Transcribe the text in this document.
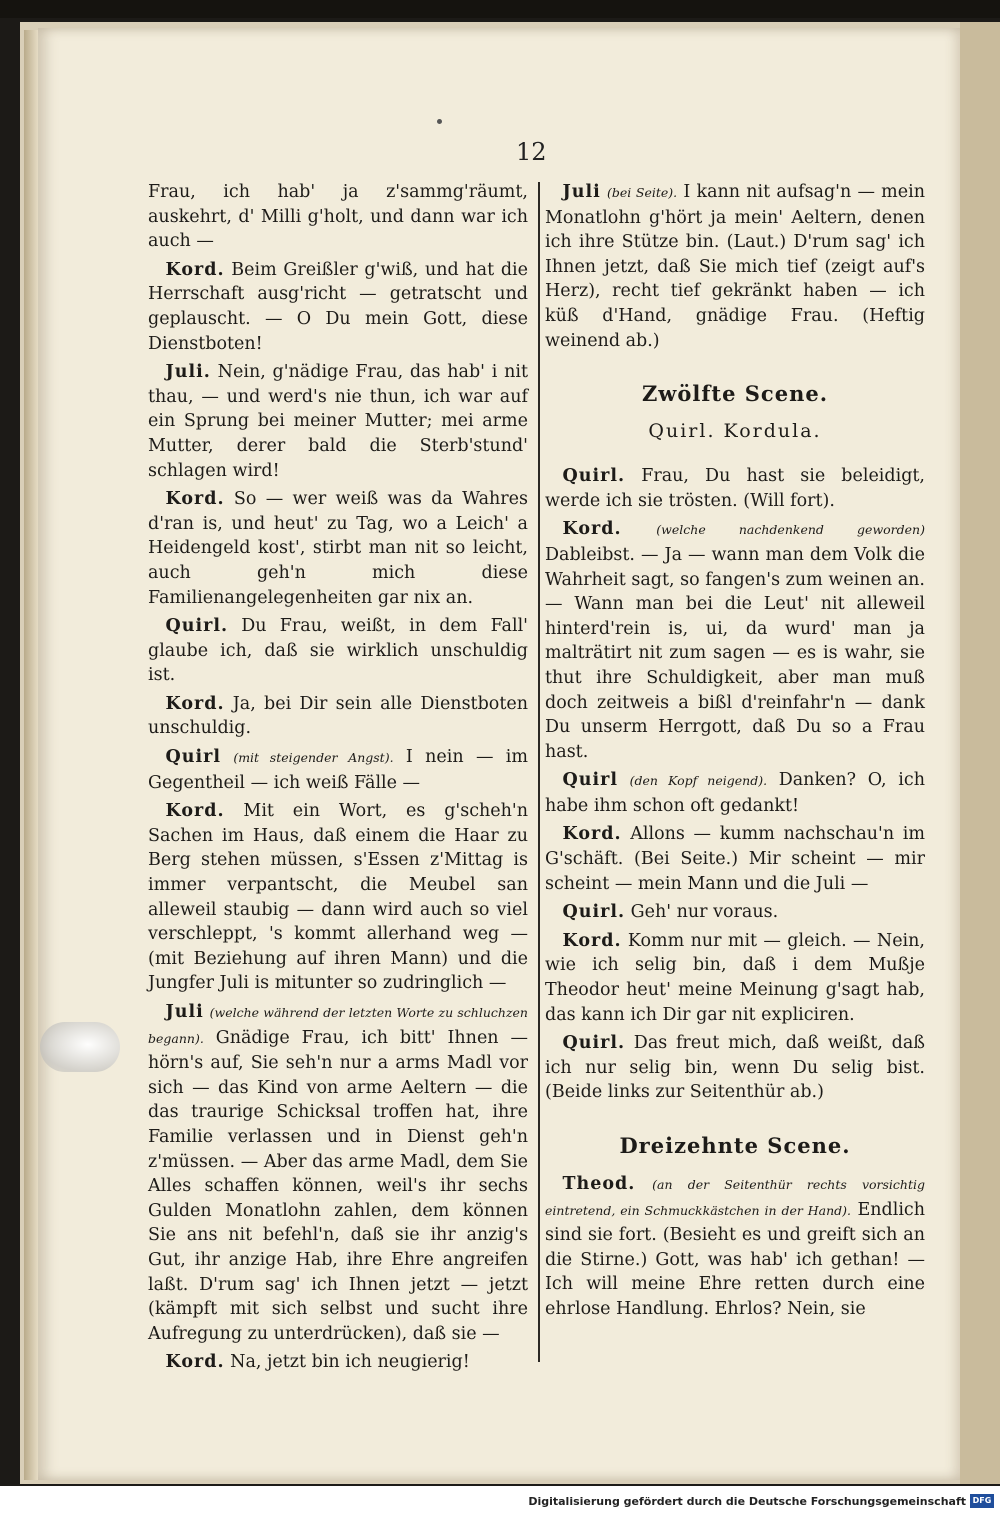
12

Frau, ich hab' ja z'sammg'räumt, auskehrt, d' Milli g'holt, und dann war ich auch —

 Kord. Beim Greißler g'wiß, und hat die Herrschaft ausg'richt — getratscht und geplauscht. — O Du mein Gott, diese Dienstboten!

 Juli. Nein, g'nädige Frau, das hab' i nit thau, — und werd's nie thun, ich war auf ein Sprung bei meiner Mutter; mei arme Mutter, derer bald die Sterb'stund' schlagen wird!

 Kord. So — wer weiß was da Wahres d'ran is, und heut' zu Tag, wo a Leich' a Heidengeld kost', stirbt man nit so leicht, auch geh'n mich diese Familienangelegenheiten gar nix an.

 Quirl. Du Frau, weißt, in dem Fall' glaube ich, daß sie wirklich unschuldig ist.

 Kord. Ja, bei Dir sein alle Dienstboten unschuldig.

 Quirl (mit steigender Angst). I nein — im Gegentheil — ich weiß Fälle —

 Kord. Mit ein Wort, es g'scheh'n Sachen im Haus, daß einem die Haar zu Berg stehen müssen, s'Essen z'Mittag is immer verpantscht, die Meubel san alleweil staubig — dann wird auch so viel verschleppt, 's kommt allerhand weg — (mit Beziehung auf ihren Mann) und die Jungfer Juli is mitunter so zudringlich —

 Juli (welche während der letzten Worte zu schluchzen begann). Gnädige Frau, ich bitt' Ihnen — hörn's auf, Sie seh'n nur a arms Madl vor sich — das Kind von arme Aeltern — die das traurige Schicksal troffen hat, ihre Familie verlassen und in Dienst geh'n z'müssen. — Aber das arme Madl, dem Sie Alles schaffen können, weil's ihr sechs Gulden Monatlohn zahlen, dem können Sie ans nit befehl'n, daß sie ihr anzig's Gut, ihr anzige Hab, ihre Ehre angreifen laßt. D'rum sag' ich Ihnen jetzt — jetzt (kämpft mit sich selbst und sucht ihre Aufregung zu unterdrücken), daß sie —

 Kord. Na, jetzt bin ich neugierig!

 Juli (bei Seite). I kann nit aufsag'n — mein Monatlohn g'hört ja mein' Aeltern, denen ich ihre Stütze bin. (Laut.) D'rum sag' ich Ihnen jetzt, daß Sie mich tief (zeigt auf's Herz), recht tief gekränkt haben — ich küß d'Hand, gnädige Frau. (Heftig weinend ab.)

Zwölfte Scene.
Quirl. Kordula.

 Quirl. Frau, Du hast sie beleidigt, werde ich sie trösten. (Will fort).

 Kord.	(welche nachdenkend geworden) Dableibst. — Ja — wann man dem Volk die Wahrheit sagt, so fangen's zum weinen an. — Wann man bei die Leut' nit alleweil hinterd'rein is, ui, da wurd' man ja malträtirt nit zum sagen — es is wahr, sie thut ihre Schuldigkeit, aber man muß doch zeitweis a bißl d'reinfahr'n — dank Du unserm Herrgott, daß Du so a Frau hast.

 Quirl (den Kopf neigend). Danken? O, ich habe ihm schon oft gedankt!

 Kord. Allons — kumm nachschau'n im G'schäft. (Bei Seite.) Mir scheint — mir scheint — mein Mann und die Juli —

 Quirl. Geh' nur voraus.

 Kord. Komm nur mit — gleich. — Nein, wie ich selig bin, daß i dem Mußje Theodor heut' meine Meinung g'sagt hab, das kann ich Dir gar nit expliciren.

 Quirl. Das freut mich, daß weißt, daß ich nur selig bin, wenn Du selig bist. (Beide links zur Seitenthür ab.)

Dreizehnte Scene.

 Theod. (an der Seitenthür rechts vorsichtig eintretend, ein Schmuckkästchen in der Hand). Endlich sind sie fort. (Besieht es und greift sich an die Stirne.) Gott, was hab' ich gethan! — Ich will meine Ehre retten durch eine ehrlose Handlung. Ehrlos? Nein, sie

Digitalisierung gefördert durch die Deutsche Forschungsgemeinschaft DFG
